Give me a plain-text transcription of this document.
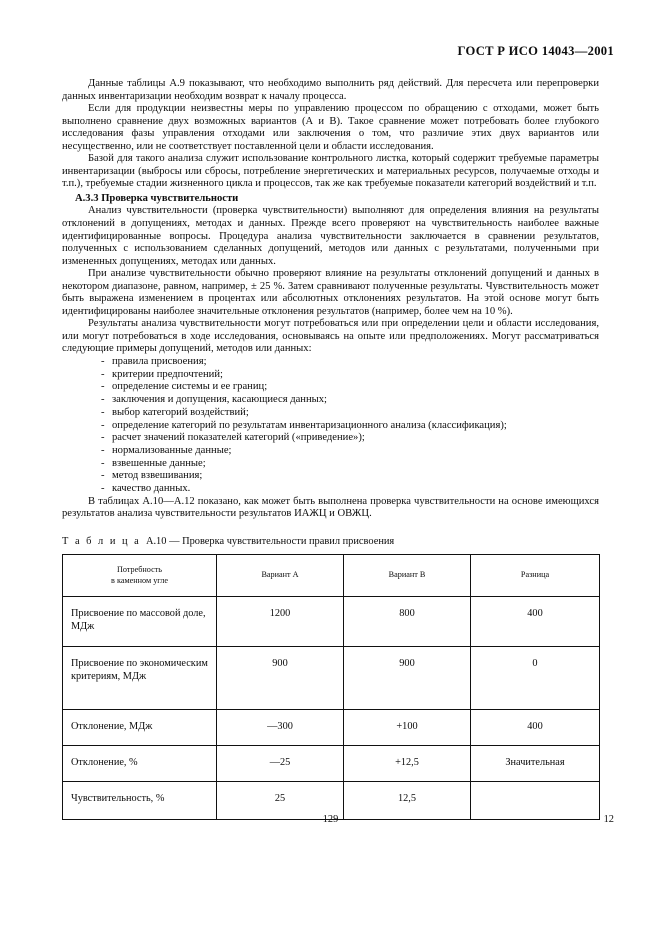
ГОСТ Р ИСО 14043—2001

Данные таблицы А.9 показывают, что необходимо выполнить ряд действий. Для пересчета или перепроверки данных инвентаризации необходим возврат к началу процесса.

Если для продукции неизвестны меры по управлению процессом по обращению с отходами, может быть выполнено сравнение двух возможных вариантов (А и В). Такое сравнение может потребовать более глубокого исследования фазы управления отходами или заключения о том, что различие этих двух вариантов или несущественно, или не соответствует поставленной цели и области исследования.

Базой для такого анализа служит использование контрольного листка, который содержит требуемые параметры инвентаризации (выбросы или сбросы, потребление энергетических и материальных ресурсов, получаемые отходы и т.п.), требуемые стадии жизненного цикла и процессов, так же как требуемые показатели категорий воздействий и т.п.

А.3.3 Проверка чувствительности

Анализ чувствительности (проверка чувствительности) выполняют для определения влияния на результаты отклонений в допущениях, методах и данных. Прежде всего проверяют на чувствительность наиболее важные идентифицированные вопросы. Процедура анализа чувствительности заключается в сравнении результатов, полученных с использованием сделанных допущений, методов или данных с результатами, полученными при измененных допущениях, методах или данных.

При анализе чувствительности обычно проверяют влияние на результаты отклонений допущений и данных в некотором диапазоне, равном, например, ± 25 %. Затем сравнивают полученные результаты. Чувствительность может быть выражена изменением в процентах или абсолютных отклонениях результатов. На этой основе могут быть идентифицированы наиболее значительные отклонения результатов (например, более чем на 10 %).

Результаты анализа чувствительности могут потребоваться или при определении цели и области исследования, или могут потребоваться в ходе исследования, основываясь на опыте или предположениях. Могут рассматриваться следующие примеры допущений, методов или данных:

- правила присвоения;
- критерии предпочтений;
- определение системы и ее границ;
- заключения и допущения, касающиеся данных;
- выбор категорий воздействий;
- определение категорий по результатам инвентаризационного анализа (классификация);
- расчет значений показателей категорий («приведение»);
- нормализованные данные;
- взвешенные данные;
- метод взвешивания;
- качество данных.

В таблицах А.10—А.12 показано, как может быть выполнена проверка чувствительности на основе имеющихся результатов анализа чувствительности результатов ИАЖЦ и ОВЖЦ.

Т а б л и ц а А.10 — Проверка чувствительности правил присвоения
Потребность
в каменном угле	Вариант А	Вариант В	Разница
Присвоение по массовой доле, МДж	1200	800	400
Присвоение по экономическим критериям, МДж	900	900	0
Отклонение, МДж	—300	+100	400
Отклонение, %	—25	+12,5	Значительная
Чувствительность, %	25	12,5	
129	12
